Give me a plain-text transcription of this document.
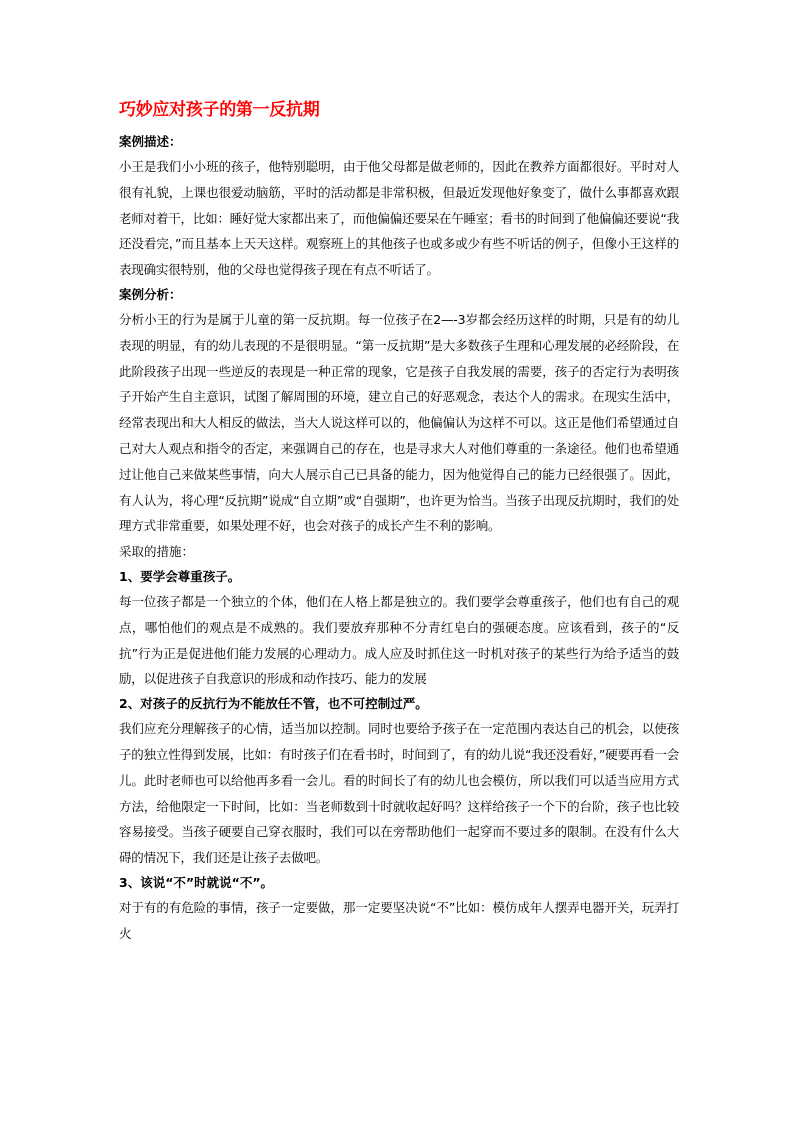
巧妙应对孩子的第一反抗期

案例描述：

小王是我们小小班的孩子，他特别聪明，由于他父母都是做老师的，因此在教养方面都很好。平时对人很有礼貌，上课也很爱动脑筋，平时的活动都是非常积极，但最近发现他好象变了，做什么事都喜欢跟老师对着干，比如：睡好觉大家都出来了，而他偏偏还要呆在午睡室；看书的时间到了他偏偏还要说“我还没看完，”而且基本上天天这样。观察班上的其他孩子也或多或少有些不听话的例子，但像小王这样的表现确实很特别，他的父母也觉得孩子现在有点不听话了。

案例分析：

分析小王的行为是属于儿童的第一反抗期。每一位孩子在2—-3岁都会经历这样的时期，只是有的幼儿表现的明显，有的幼儿表现的不是很明显。“第一反抗期”是大多数孩子生理和心理发展的必经阶段，在此阶段孩子出现一些逆反的表现是一种正常的现象，它是孩子自我发展的需要，孩子的否定行为表明孩子开始产生自主意识，试图了解周围的环境，建立自己的好恶观念，表达个人的需求。在现实生活中，经常表现出和大人相反的做法，当大人说这样可以的，他偏偏认为这样不可以。这正是他们希望通过自己对大人观点和指令的否定，来强调自己的存在，也是寻求大人对他们尊重的一条途径。他们也希望通过让他自己来做某些事情，向大人展示自己已具备的能力，因为他觉得自己的能力已经很强了。因此，有人认为，将心理“反抗期”说成“自立期”或“自强期”，也许更为恰当。当孩子出现反抗期时，我们的处理方式非常重要，如果处理不好，也会对孩子的成长产生不利的影响。

采取的措施：

1、要学会尊重孩子。

每一位孩子都是一个独立的个体，他们在人格上都是独立的。我们要学会尊重孩子，他们也有自己的观点，哪怕他们的观点是不成熟的。我们要放弃那种不分青红皂白的强硬态度。应该看到，孩子的“反抗”行为正是促进他们能力发展的心理动力。成人应及时抓住这一时机对孩子的某些行为给予适当的鼓励，以促进孩子自我意识的形成和动作技巧、能力的发展

2、对孩子的反抗行为不能放任不管，也不可控制过严。

我们应充分理解孩子的心情，适当加以控制。同时也要给予孩子在一定范围内表达自己的机会，以使孩子的独立性得到发展，比如：有时孩子们在看书时，时间到了，有的幼儿说“我还没看好，”硬要再看一会儿。此时老师也可以给他再多看一会儿。看的时间长了有的幼儿也会模仿，所以我们可以适当应用方式方法，给他限定一下时间，比如：当老师数到十时就收起好吗？这样给孩子一个下的台阶，孩子也比较容易接受。当孩子硬要自己穿衣服时，我们可以在旁帮助他们一起穿而不要过多的限制。在没有什么大碍的情况下，我们还是让孩子去做吧。

3、该说“不”时就说“不”。

对于有的有危险的事情，孩子一定要做，那一定要坚决说“不”比如：模仿成年人摆弄电器开关，玩弄打火
